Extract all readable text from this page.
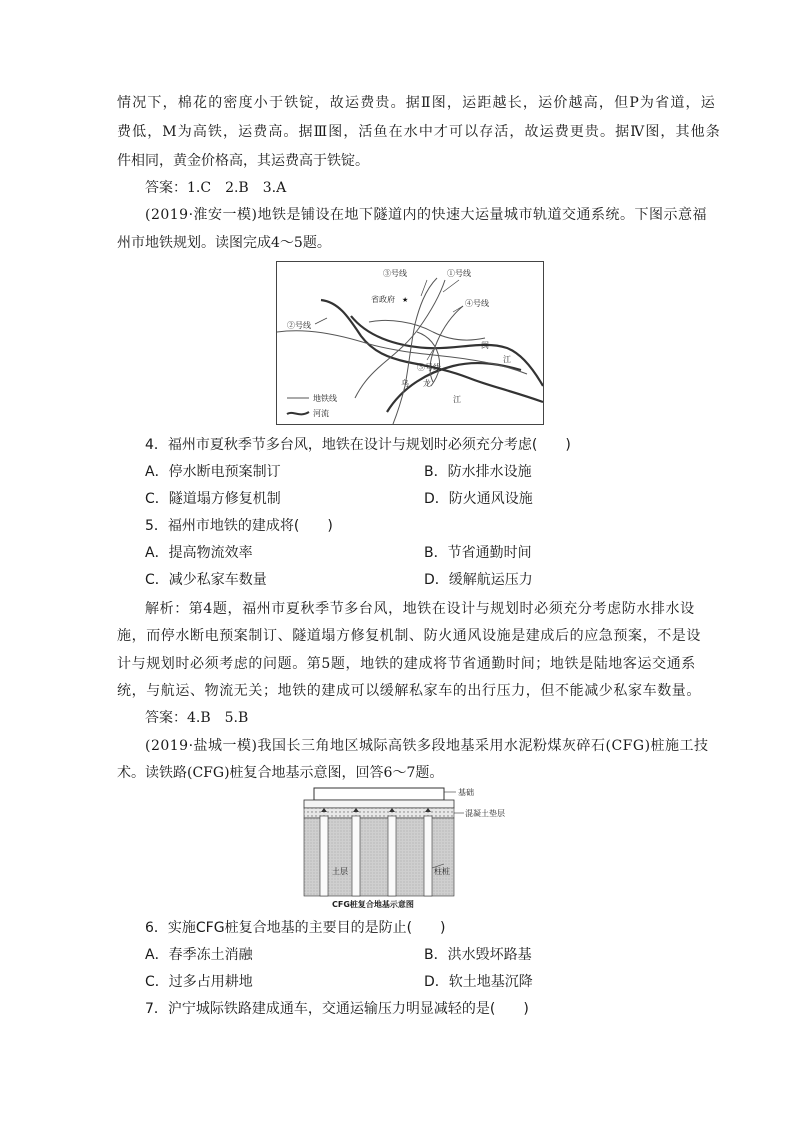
情况下，棉花的密度小于铁锭，故运费贵。据Ⅱ图，运距越长，运价越高，但P为省道，运
费低，M为高铁，运费高。据Ⅲ图，活鱼在水中才可以存活，故运费更贵。据Ⅳ图，其他条
件相同，黄金价格高，其运费高于铁锭。
答案：1.C　2.B　3.A
(2019·淮安一模)地铁是铺设在地下隧道内的快速大运量城市轨道交通系统。下图示意福
州市地铁规划。读图完成4～5题。
★
③号线	①号线
省政府	④号线
②号线
闽
江
⑤号线
乌 龙
江
地铁线
河流
4．福州市夏秋季节多台风，地铁在设计与规划时必须充分考虑(　　)
A．停水断电预案制订	B．防水排水设施
C．隧道塌方修复机制	D．防火通风设施
5．福州市地铁的建成将(　　)
A．提高物流效率	B．节省通勤时间
C．减少私家车数量	D．缓解航运压力
解析：第4题，福州市夏秋季节多台风，地铁在设计与规划时必须充分考虑防水排水设
施，而停水断电预案制订、隧道塌方修复机制、防火通风设施是建成后的应急预案，不是设
计与规划时必须考虑的问题。第5题，地铁的建成将节省通勤时间；地铁是陆地客运交通系
统，与航运、物流无关；地铁的建成可以缓解私家车的出行压力，但不能减少私家车数量。
答案：4.B　5.B
(2019·盐城一模)我国长三角地区城际高铁多段地基采用水泥粉煤灰碎石(CFG)桩施工技
术。读铁路(CFG)桩复合地基示意图，回答6～7题。
基础
混凝土垫层
土层	柱桩
CFG桩复合地基示意图
6．实施CFG桩复合地基的主要目的是防止(　　)
A．春季冻土消融	B．洪水毁坏路基
C．过多占用耕地	D．软土地基沉降
7．沪宁城际铁路建成通车，交通运输压力明显减轻的是(　　)
